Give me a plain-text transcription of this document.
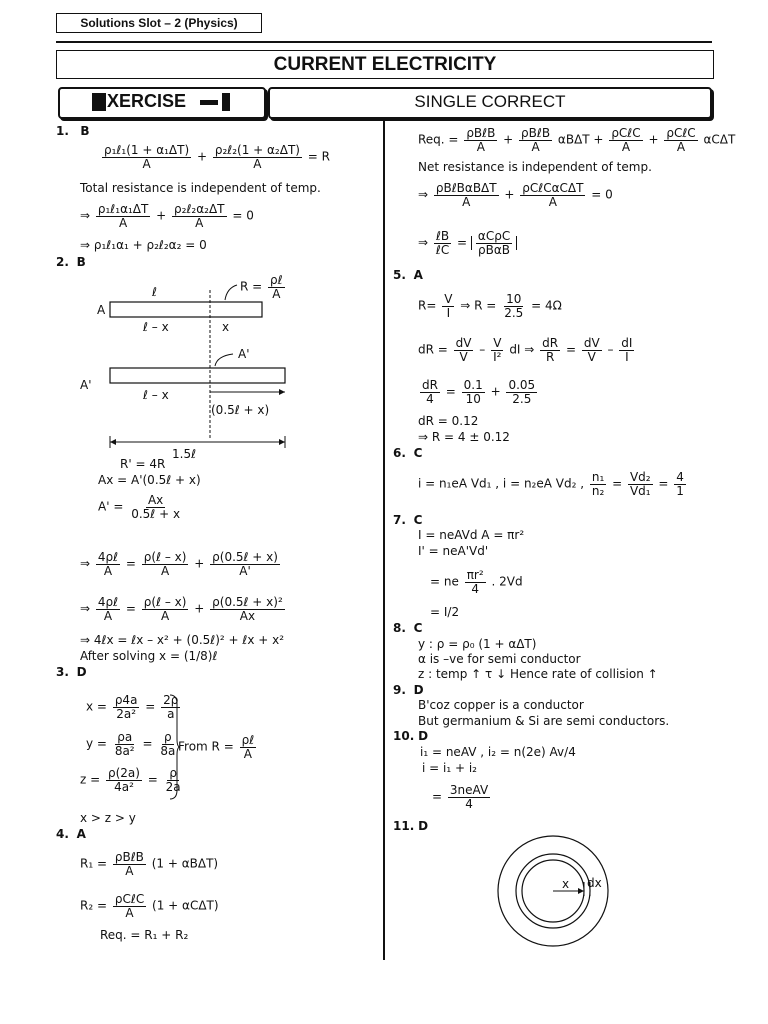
Solutions Slot – 2 (Physics)
CURRENT ELECTRICITY
XERCISE	SINGLE CORRECT
1. B
$\frac{\text{ρ₁ℓ₁(1 + α₁ΔT)}}{A} + \frac{\text{ρ₂ℓ₂(1 + α₂ΔT)}}{A} = R$
Total resistance is independent of temp.
⇒ $\frac{\text{ρ₁ℓ₁α₁ΔT}}{A} + \frac{\text{ρ₂ℓ₂α₂ΔT}}{A} = 0$
⇒ ρ₁ℓ₁α₁ + ρ₂ℓ₂α₂ = 0
2. B
ℓ
A
$R = \frac{\text{ρℓ}}{A}$
ℓ – x	x
A'
A'
ℓ – x
(0.5ℓ + x)
1.5ℓ
R' = 4R
Ax = A'(0.5ℓ + x)
$A' = \frac{Ax}{\text{0.5ℓ + x}}$
⇒ $\frac{\text{4ρℓ}}{A} = \frac{\text{ρ(ℓ – x)}}{A} + \frac{\text{ρ(0.5ℓ + x)}}{A'}$
⇒ $\frac{\text{4ρℓ}}{A} = \frac{\text{ρ(ℓ – x)}}{A} + \frac{\text{ρ(0.5ℓ + x)²}}{Ax}$
⇒ 4ℓx = ℓx – x² + (0.5ℓ)² + ℓx + x²
After solving x = (1/8)ℓ
3. D
$x = \frac{\rho 4a}{\text{2a²}} = \frac{2\rho}{a}$
$y = \frac{\rho a}{\text{8a²}} = \frac{\rho}{8a}$
$z = \frac{\rho(2a)}{\text{4a²}} = \frac{\rho}{2a}$
From $R = \frac{\text{ρℓ}}{A}$
x > z > y
4. A
$R_1 = \frac{\text{ρBℓB}}{A} (1 + \alpha B\Delta T)$
$R_2 = \frac{\text{ρCℓC}}{A} (1 + \alpha C\Delta T)$
Req. = R₁ + R₂
Req. = $\frac{\text{ρBℓB}}{A} + \frac{\text{ρBℓB}}{A}$ $\alpha B\Delta T + \frac{\text{ρCℓC}}{A} + \frac{\text{ρCℓC}}{A}$ αCΔT
Net resistance is independent of temp.
⇒ $\frac{\text{ρBℓBαBΔT}}{A} + \frac{\text{ρCℓCαCΔT}}{A} = 0$
⇒ $\frac{\text{ℓB}}{\text{ℓC}} = \frac{\text{αCρC}}{\text{ρBαB}}$
5. A
$R= \frac{V}{I}$ ⇒ $R = \frac{10}{2.5} = 4\Omega$
dR = $\frac{dV}{V} - \frac{V}{\text{I²}}$ dI ⇒ $\frac{dR}{R} = \frac{dV}{V} - \frac{dI}{I}$
$\frac{dR}{4} = \frac{0.1}{10} + \frac{0.05}{2.5}$
dR = 0.12
⇒ R = 4 ± 0.12
6. C
i = n₁eA Vd₁ , i = n₂eA Vd₂ , $\frac{\text{n₁}}{\text{n₂}} = \frac{\text{Vd₂}}{\text{Vd₁}} = \frac{4}{1}$
7. C
I = neAVd A = πr²
I' = neA'Vd'
= ne $\frac{\text{πr²}}{4}$ . 2Vd
= I/2
8. C
y : ρ = ρ₀ (1 + αΔT)
α is –ve for semi conductor
z : temp ↑ τ ↓ Hence rate of collision ↑
9. D
B'coz copper is a conductor
But germanium & Si are semi conductors.
10. D
i₁ = neAV , i₂ = n(2e) Av/4
i = i₁ + i₂
= $\frac{\text{3neAV}}{4}$
11. D
x dx
